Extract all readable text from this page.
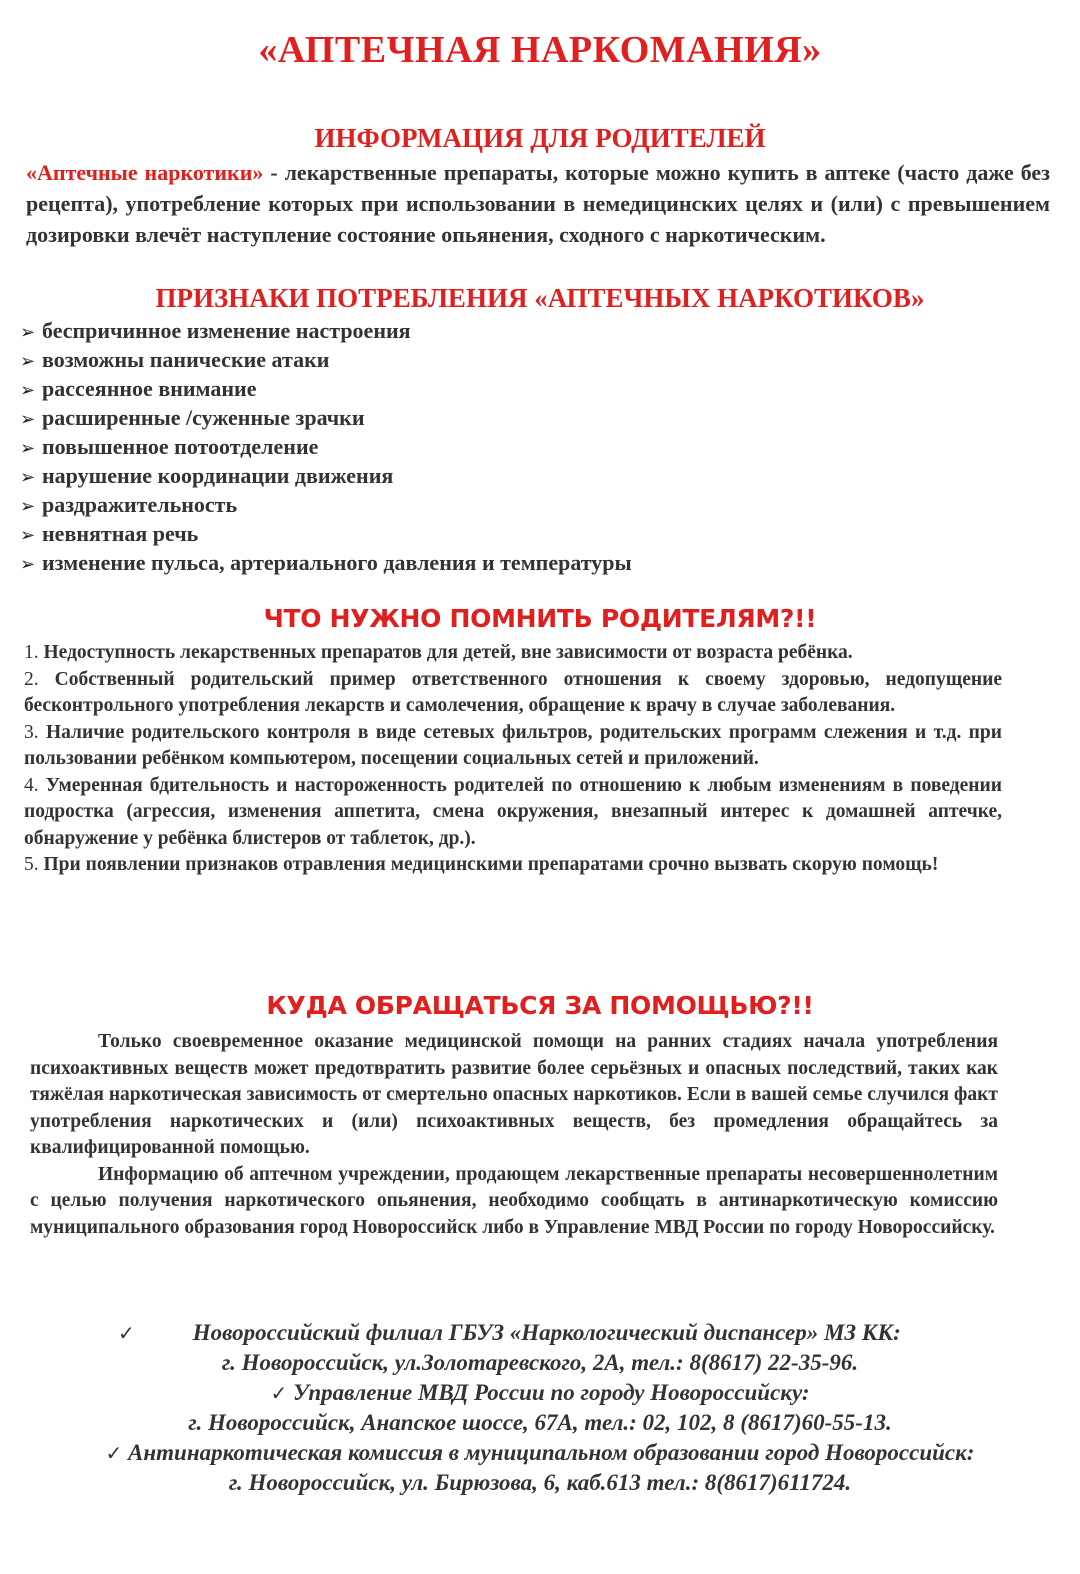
«АПТЕЧНАЯ НАРКОМАНИЯ»
ИНФОРМАЦИЯ ДЛЯ РОДИТЕЛЕЙ
«Аптечные наркотики» - лекарственные препараты, которые можно купить в аптеке (часто даже без рецепта), употребление которых при использовании в немедицинских целях и (или) с превышением дозировки влечёт наступление состояние опьянения, сходного с наркотическим.
ПРИЗНАКИ ПОТРЕБЛЕНИЯ «АПТЕЧНЫХ НАРКОТИКОВ»
➢ беспричинное изменение настроения
➢ возможны панические атаки
➢ рассеянное внимание
➢ расширенные /суженные зрачки
➢ повышенное потоотделение
➢ нарушение координации движения
➢ раздражительность
➢ невнятная речь
➢ изменение пульса, артериального давления и температуры
ЧТО НУЖНО ПОМНИТЬ РОДИТЕЛЯМ?!!

1. Недоступность лекарственных препаратов для детей, вне зависимости от возраста ребёнка.

2. Собственный родительский пример ответственного отношения к своему здоровью, недопущение бесконтрольного употребления лекарств и самолечения, обращение к врачу в случае заболевания.

3. Наличие родительского контроля в виде сетевых фильтров, родительских программ слежения и т.д. при пользовании ребёнком компьютером, посещении социальных сетей и приложений.

4. Умеренная бдительность и настороженность родителей по отношению к любым изменениям в поведении подростка (агрессия, изменения аппетита, смена окружения, внезапный интерес к домашней аптечке, обнаружение у ребёнка блистеров от таблеток, др.).

5. При появлении признаков отравления медицинскими препаратами срочно вызвать скорую помощь!

КУДА ОБРАЩАТЬСЯ ЗА ПОМОЩЬЮ?!!

Только своевременное оказание медицинской помощи на ранних стадиях начала употребления психоактивных веществ может предотвратить развитие более серьёзных и опасных последствий, таких как тяжёлая наркотическая зависимость от смертельно опасных наркотиков. Если в вашей семье случился факт употребления наркотических и (или) психоактивных веществ, без промедления обращайтесь за квалифицированной помощью.

Информацию об аптечном учреждении, продающем лекарственные препараты несовершеннолетним с целью получения наркотического опьянения, необходимо сообщать в антинаркотическую комиссию муниципального образования город Новороссийск либо в Управление МВД России по городу Новороссийску.

✓	Новороссийский филиал ГБУЗ «Наркологический диспансер» МЗ КК:
г. Новороссийск, ул.Золотаревского, 2А, тел.: 8(8617) 22-35-96.
✓ Управление МВД России по городу Новороссийску:
г. Новороссийск, Анапское шоссе, 67А, тел.: 02, 102, 8 (8617)60-55-13.
✓ Антинаркотическая комиссия в муниципальном образовании город Новороссийск:
г. Новороссийск, ул. Бирюзова, 6, каб.613 тел.: 8(8617)611724.
